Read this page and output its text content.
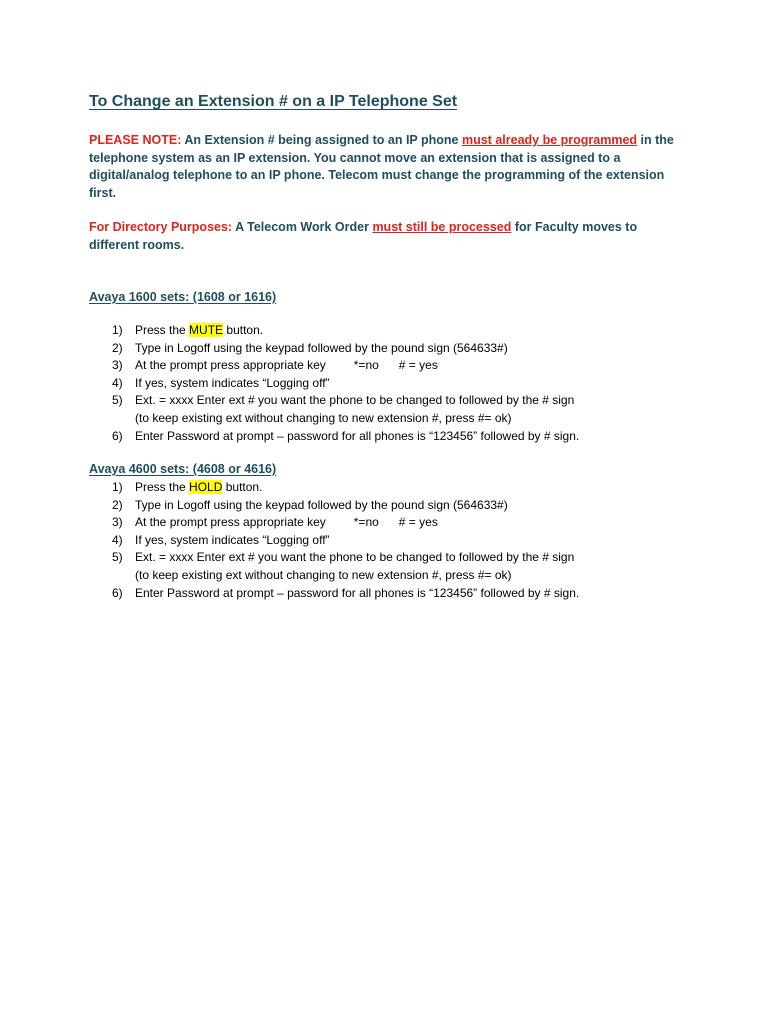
To Change an Extension # on a IP Telephone Set
PLEASE NOTE: An Extension # being assigned to an IP phone must already be programmed in the telephone system as an IP extension. You cannot move an extension that is assigned to a digital/analog telephone to an IP phone. Telecom must change the programming of the extension first.
For Directory Purposes: A Telecom Work Order must still be processed for Faculty moves to different rooms.
Avaya 1600 sets: (1608 or 1616)
1) Press the MUTE button.
2) Type in Logoff using the keypad followed by the pound sign (564633#)
3) At the prompt press appropriate key *=no # = yes
4) If yes, system indicates “Logging off”
5) Ext. = xxxx Enter ext # you want the phone to be changed to followed by the # sign
(to keep existing ext without changing to new extension #, press #= ok)
6) Enter Password at prompt – password for all phones is “123456” followed by # sign.
Avaya 4600 sets: (4608 or 4616)
1) Press the HOLD button.
2) Type in Logoff using the keypad followed by the pound sign (564633#)
3) At the prompt press appropriate key *=no # = yes
4) If yes, system indicates “Logging off”
5) Ext. = xxxx Enter ext # you want the phone to be changed to followed by the # sign
(to keep existing ext without changing to new extension #, press #= ok)
6) Enter Password at prompt – password for all phones is “123456” followed by # sign.
